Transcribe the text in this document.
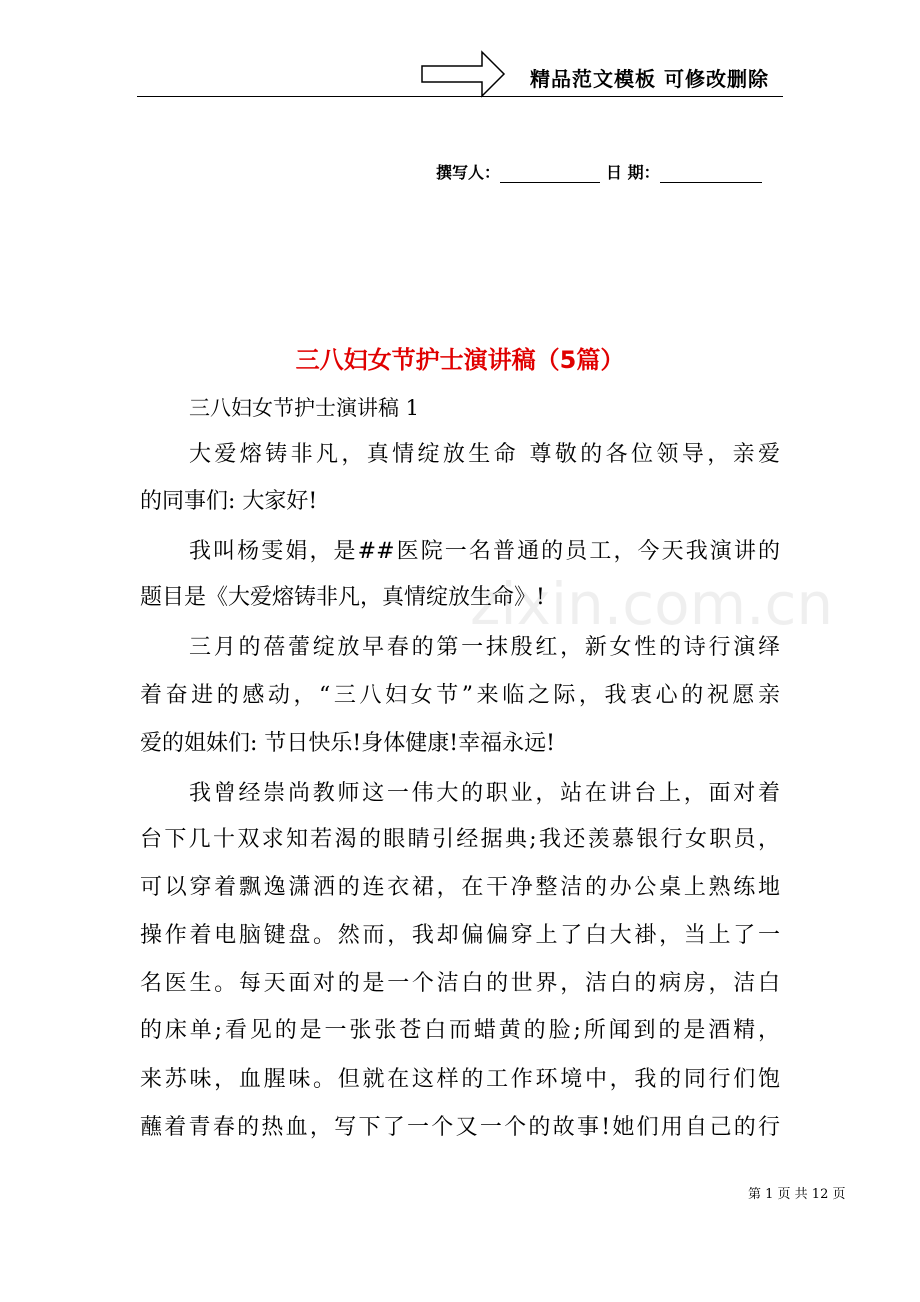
精品范文模板 可修改删除
撰写人：	日 期：
三八妇女节护士演讲稿（5篇）
三八妇女节护士演讲稿 1
大爱熔铸非凡，真情绽放生命 尊敬的各位领导，亲爱
的同事们: 大家好!
我叫杨雯娟，是##医院一名普通的员工，今天我演讲的
题目是《大爱熔铸非凡，真情绽放生命》!
三月的蓓蕾绽放早春的第一抹殷红，新女性的诗行演绎
着奋进的感动，“三八妇女节”来临之际，我衷心的祝愿亲
爱的姐妹们: 节日快乐!身体健康!幸福永远!
我曾经崇尚教师这一伟大的职业，站在讲台上，面对着
台下几十双求知若渴的眼睛引经据典;我还羡慕银行女职员，
可以穿着飘逸潇洒的连衣裙，在干净整洁的办公桌上熟练地
操作着电脑键盘。然而，我却偏偏穿上了白大褂，当上了一
名医生。每天面对的是一个洁白的世界，洁白的病房，洁白
的床单;看见的是一张张苍白而蜡黄的脸;所闻到的是酒精，
来苏味，血腥味。但就在这样的工作环境中，我的同行们饱
蘸着青春的热血，写下了一个又一个的故事!她们用自己的行
zixin.com.cn
第 1 页 共 12 页
